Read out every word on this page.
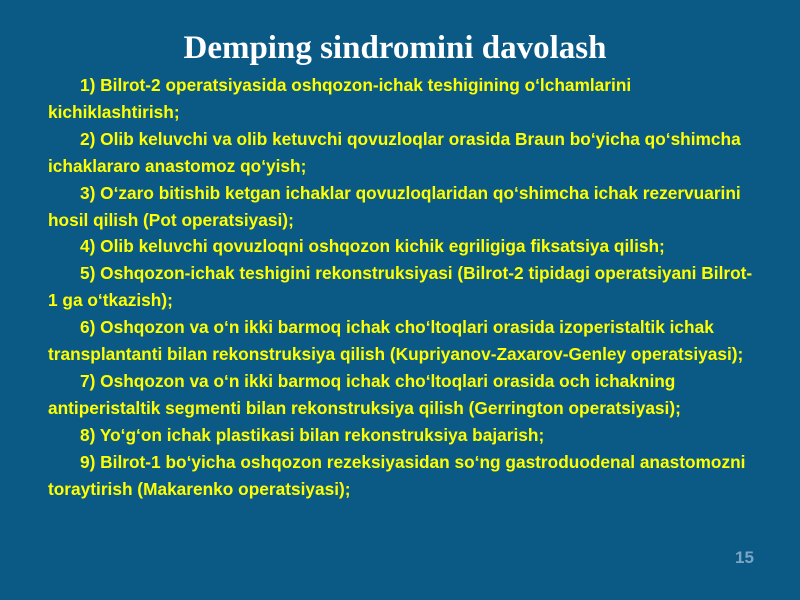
Demping sindromini davolash

1) Bilrot-2 operatsiyasida oshqozon-ichak teshigining o‘lchamlarini kichiklashtirish;

2) Olib keluvchi va olib ketuvchi qovuzloqlar orasida Braun bo‘yicha qo‘shimcha ichaklararo anastomoz qo‘yish;

3) O‘zaro bitishib ketgan ichaklar qovuzloqlaridan qo‘shimcha ichak rezervuarini hosil qilish (Pot operatsiyasi);

4) Olib keluvchi qovuzloqni oshqozon kichik egriligiga fiksatsiya qilish;

5) Oshqozon-ichak teshigini rekonstruksiyasi (Bilrot-2 tipidagi operatsiyani Bilrot-1 ga o‘tkazish);

6) Oshqozon va o‘n ikki barmoq ichak cho‘ltoqlari orasida izoperistaltik ichak transplantanti bilan rekonstruksiya qilish (Kupriyanov-Zaxarov-Genley operatsiyasi);

7) Oshqozon va o‘n ikki barmoq ichak cho‘ltoqlari orasida och ichakning antiperistaltik segmenti bilan rekonstruksiya qilish (Gerrington operatsiyasi);

8) Yo‘g‘on ichak plastikasi bilan rekonstruksiya bajarish;

9) Bilrot-1 bo‘yicha oshqozon rezeksiyasidan so‘ng gastroduodenal anastomozni toraytirish (Makarenko operatsiyasi);

15
